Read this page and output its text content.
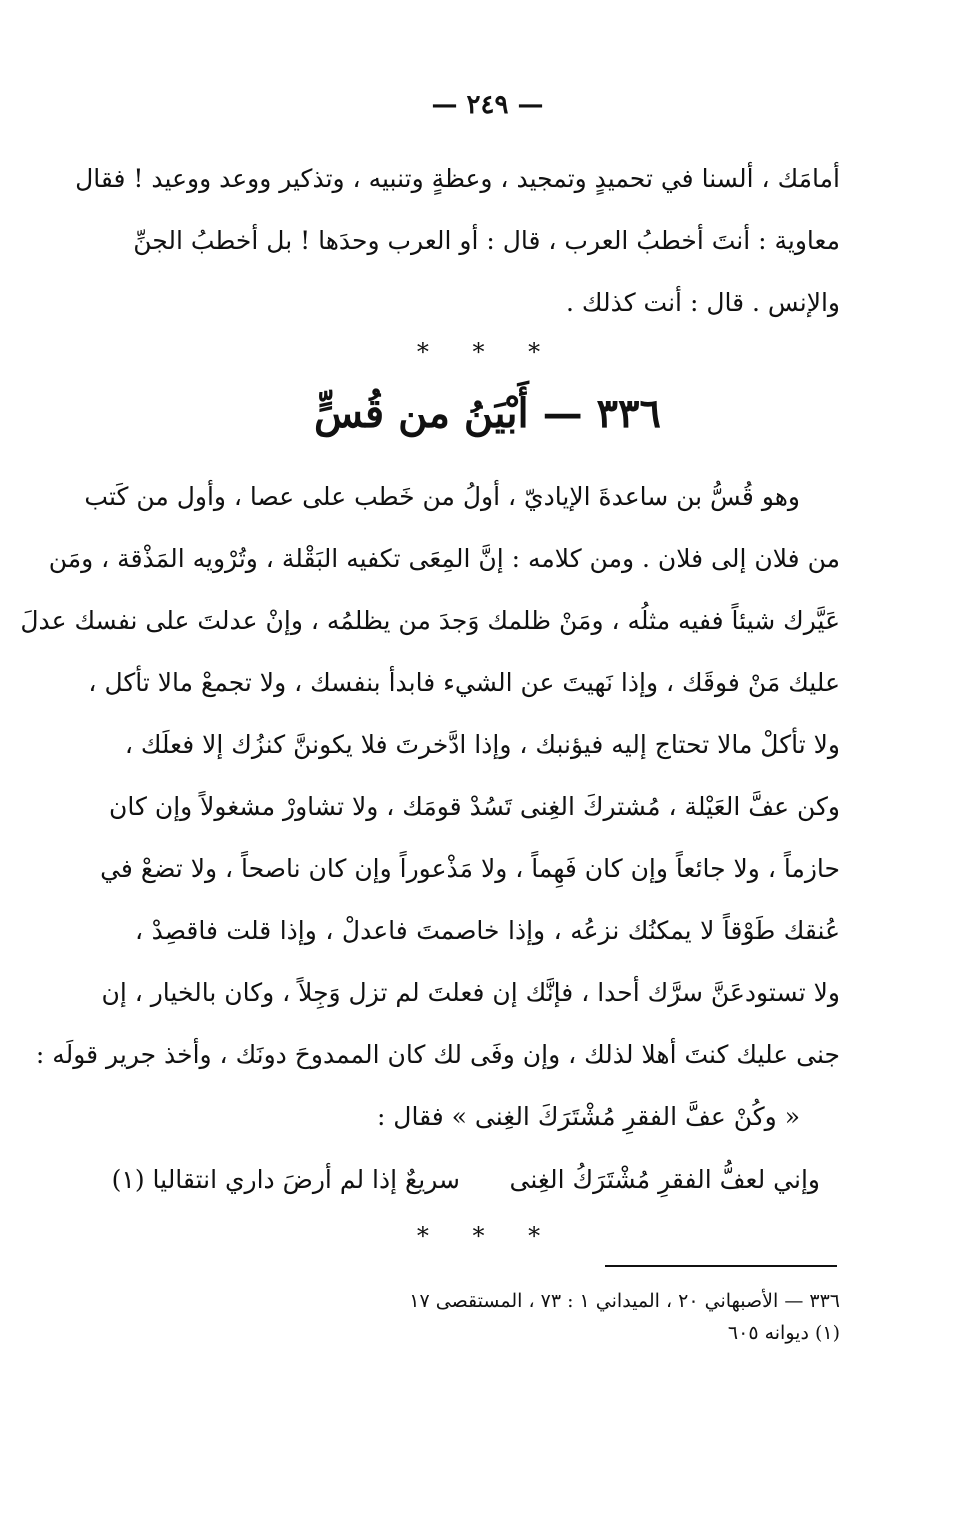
— ٢٤٩ —
أمامَك ، ألسنا في تحميدٍ وتمجيد ، وعظةٍ وتنبيه ، وتذكير ووعد ووعيد ! فقال
معاوية : أنتَ أخطبُ العرب ، قال : أو العرب وحدَها ! بل أخطبُ الجنِّ
والإنس . قال : أنت كذلك .
* * *
٣٣٦ — أَبْيَنُ من قُسٍّ
وهو قُسُّ بن ساعدةَ الإياديّ ، أولُ من خَطب على عصا ، وأول من كَتب
من فلان إلى فلان . ومن كلامه : إنَّ المِعَى تكفيه البَقْلة ، وتُرْويه المَذْقة ، ومَن
عَيَّرك شيئاً ففيه مثلُه ، ومَنْ ظلمك وَجدَ من يظلمُه ، وإنْ عدلتَ على نفسك عدلَ
عليك مَنْ فوقَك ، وإذا نَهيتَ عن الشيء فابدأ بنفسك ، ولا تجمعْ مالا تأكل ،
ولا تأكلْ مالا تحتاج إليه فيؤنبك ، وإذا ادَّخرتَ فلا يكوننَّ كنزُك إلا فعلَك ،
وكن عفَّ العَيْلة ، مُشتركَ الغِنى تَسُدْ قومَك ، ولا تشاورْ مشغولاً وإن كان
حازماً ، ولا جائعاً وإن كان فَهِماً ، ولا مَذْعوراً وإن كان ناصحاً ، ولا تضعْ في
عُنقك طَوْقاً لا يمكنُك نزعُه ، وإذا خاصمتَ فاعدلْ ، وإذا قلت فاقصِدْ ،
ولا تستودعَنَّ سرَّك أحدا ، فإنَّك إن فعلتَ لم تزل وَجِلاً ، وكان بالخيار ، إن
جنى عليك كنتَ أهلا لذلك ، وإن وفَى لك كان الممدوحَ دونَك ، وأخذ جرير قولَه :
« وكُنْ عفَّ الفقرِ مُشْتَرَكَ الغِنى » فقال :
وإني لعفُّ الفقرِ مُشْتَرَكُ الغِنى
سريعٌ إذا لم أرضَ داري انتقاليا (١)
* * *
٣٣٦ — الأصبهاني ٢٠ ، الميداني ١ : ٧٣ ، المستقصى ١٧
(١) ديوانه ٦٠٥
